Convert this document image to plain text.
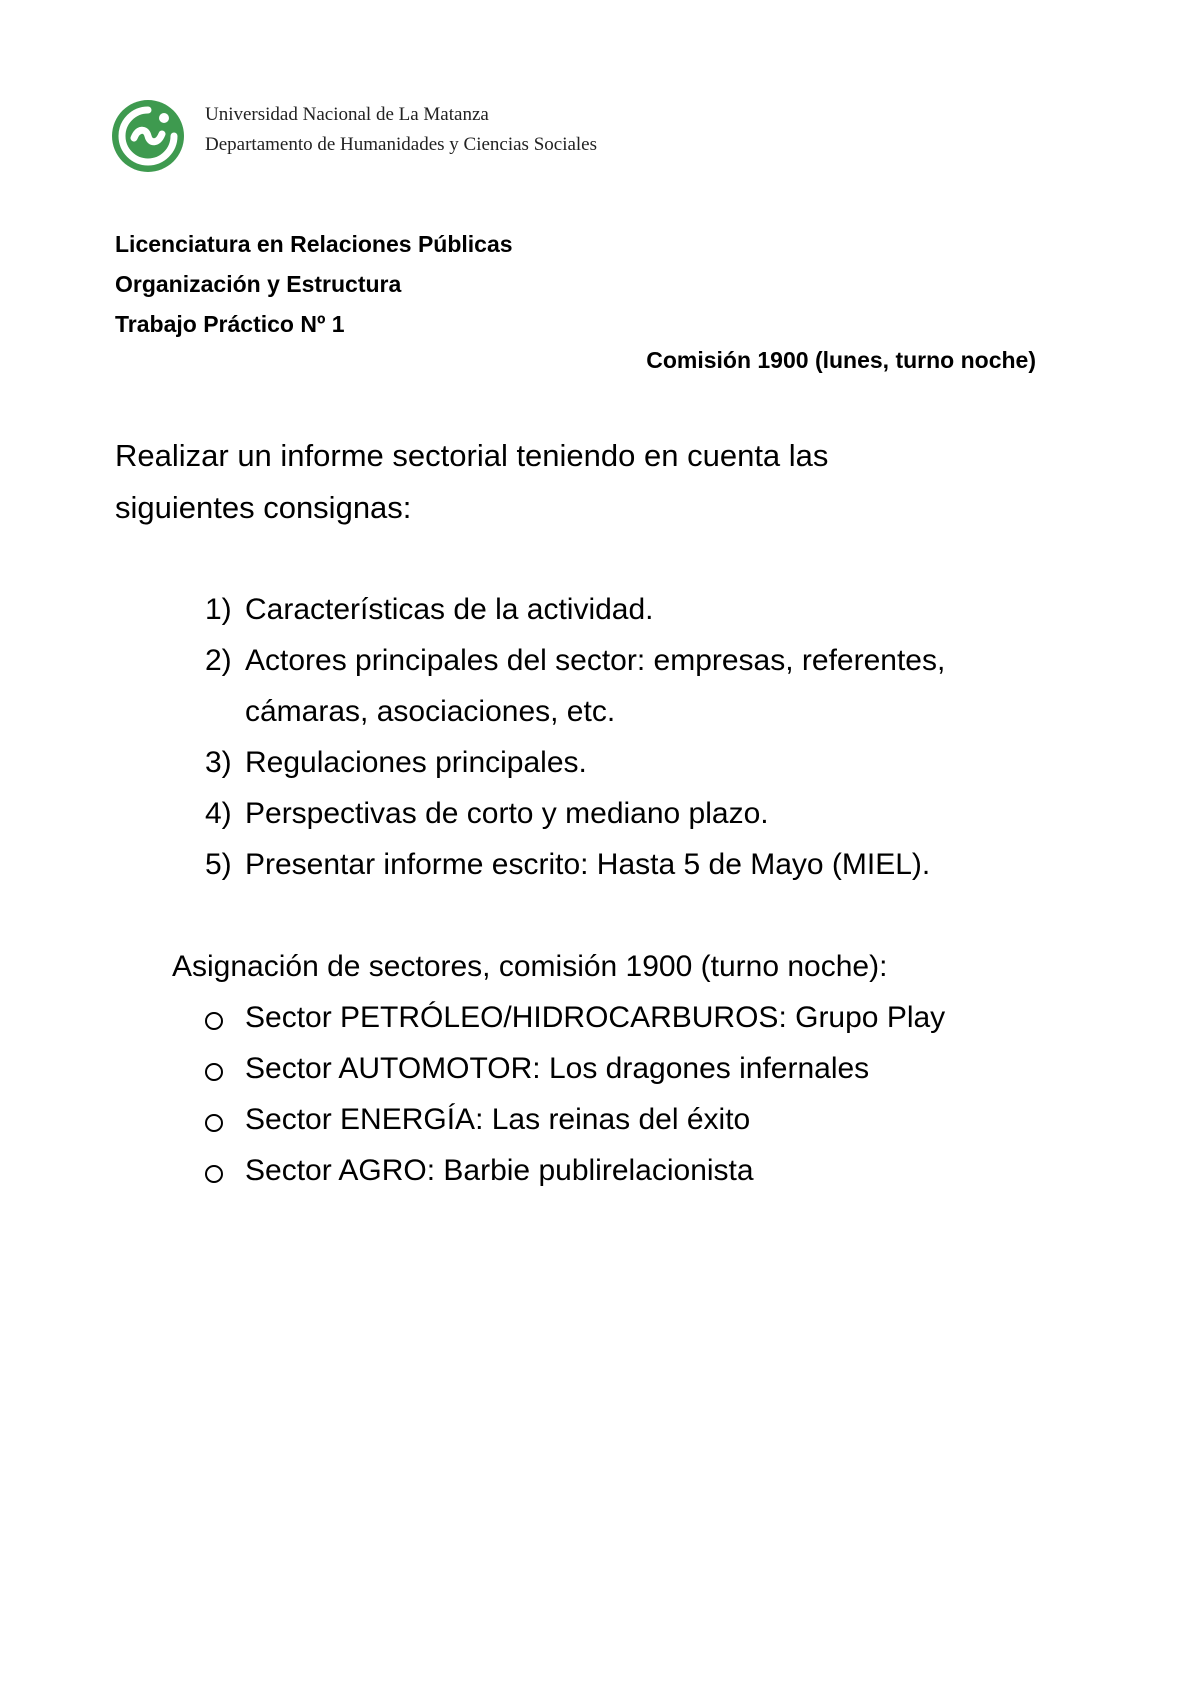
Universidad Nacional de La Matanza
Departamento de Humanidades y Ciencias Sociales
Licenciatura en Relaciones Públicas
Organización y Estructura
Trabajo Práctico Nº 1
Comisión 1900 (lunes, turno noche)
Realizar un informe sectorial teniendo en cuenta las siguientes consignas:
1) Características de la actividad.
2) Actores principales del sector: empresas, referentes, cámaras, asociaciones, etc.
3) Regulaciones principales.
4) Perspectivas de corto y mediano plazo.
5) Presentar informe escrito: Hasta 5 de Mayo (MIEL).
Asignación de sectores, comisión 1900 (turno noche):
Sector PETRÓLEO/HIDROCARBUROS: Grupo Play
Sector AUTOMOTOR: Los dragones infernales
Sector ENERGÍA: Las reinas del éxito
Sector AGRO: Barbie publirelacionista
